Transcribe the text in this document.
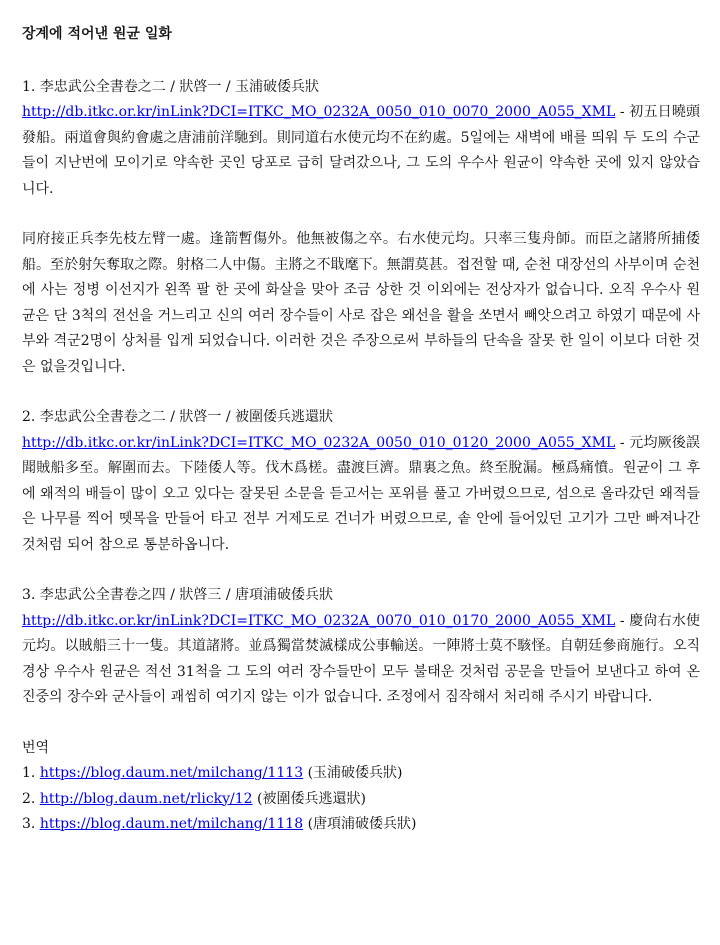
장계에 적어낸 원균 일화

1. 李忠武公全書卷之二 / 狀啓一 / 玉浦破倭兵狀

http://db.itkc.or.kr/inLink?DCI=ITKC_MO_0232A_0050_010_0070_2000_A055_XML - 初五日曉頭發船。兩道會與約會處之唐浦前洋馳到。則同道右水使元均不在約處。5일에는 새벽에 배를 띄워 두 도의 수군들이 지난번에 모이기로 약속한 곳인 당포로 급히 달려갔으나, 그 도의 우수사 원균이 약속한 곳에 있지 않았습니다.

同府接正兵李先枝左臂一處。逢箭暫傷外。他無被傷之卒。右水使元均。只率三隻舟師。而臣之諸將所捕倭船。至於射矢奪取之際。射格二人中傷。主將之不戢麾下。無謂莫甚。접전할 때, 순천 대장선의 사부이며 순천에 사는 정병 이선지가 왼쪽 팔 한 곳에 화살을 맞아 조금 상한 것 이외에는 전상자가 없습니다. 오직 우수사 원균은 단 3척의 전선을 거느리고 신의 여러 장수들이 사로 잡은 왜선을 활을 쏘면서 빼앗으려고 하였기 때문에 사부와 격군2명이 상처를 입게 되었습니다. 이러한 것은 주장으로써 부하들의 단속을 잘못 한 일이 이보다 더한 것은 없을것입니다.

2. 李忠武公全書卷之二 / 狀啓一 / 被圍倭兵逃還狀

http://db.itkc.or.kr/inLink?DCI=ITKC_MO_0232A_0050_010_0120_2000_A055_XML - 元均厥後誤聞賊船多至。解圍而去。下陸倭人等。伐木爲槎。盡渡巨濟。鼎裏之魚。終至脫漏。極爲痛憤。원균이 그 후에 왜적의 배들이 많이 오고 있다는 잘못된 소문을 듣고서는 포위를 풀고 가버렸으므로, 섬으로 올라갔던 왜적들은 나무를 찍어 뗏목을 만들어 타고 전부 거제도로 건너가 버렸으므로, 솥 안에 들어있던 고기가 그만 빠져나간 것처럼 되어 참으로 통분하옵니다.

3. 李忠武公全書卷之四 / 狀啓三 / 唐項浦破倭兵狀

http://db.itkc.or.kr/inLink?DCI=ITKC_MO_0232A_0070_010_0170_2000_A055_XML - 慶尙右水使元均。以賊船三十一隻。其道諸將。並爲獨當焚滅樣成公事輸送。一陣將士莫不駭怪。自朝廷參商施行。오직 경상 우수사 원균은 적선 31척을 그 도의 여러 장수들만이 모두 불태운 것처럼 공문을 만들어 보낸다고 하여 온 진중의 장수와 군사들이 괘씸히 여기지 않는 이가 없습니다. 조정에서 짐작해서 처리해 주시기 바랍니다.

번역

1. https://blog.daum.net/milchang/1113 (玉浦破倭兵狀)

2. http://blog.daum.net/rlicky/12 (被圍倭兵逃還狀)

3. https://blog.daum.net/milchang/1118 (唐項浦破倭兵狀)
